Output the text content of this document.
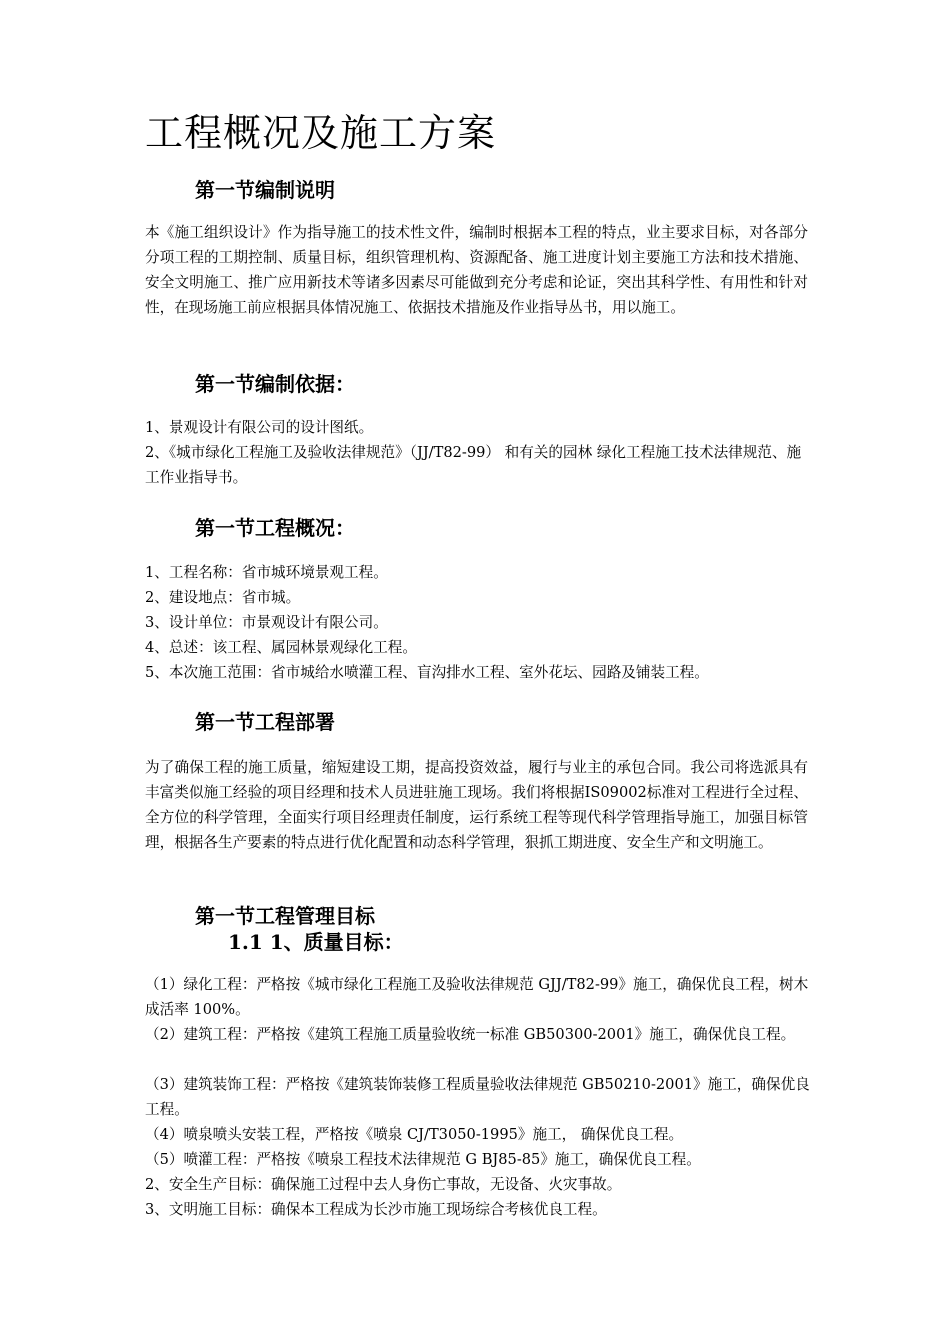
工程概况及施工方案
第一节编制说明

本《施工组织设计》作为指导施工的技术性文件，编制时根据本工程的特点，业主要求目标，对各部分分项工程的工期控制、质量目标，组织管理机构、资源配备、施工进度计划主要施工方法和技术措施、安全文明施工、推广应用新技术等诸多因素尽可能做到充分考虑和论证，突出其科学性、有用性和针对性，在现场施工前应根据具体情况施工、依据技术措施及作业指导丛书，用以施工。

第一节编制依据：

1、景观设计有限公司的设计图纸。

2、《城市绿化工程施工及验收法律规范》（JJ/T82-99） 和有关的园林 绿化工程施工技术法律规范、施工作业指导书。

第一节工程概况：

1、工程名称：省市城环境景观工程。

2、建设地点：省市城。

3、设计单位：市景观设计有限公司。

4、总述：该工程、属园林景观绿化工程。

5、本次施工范围：省市城给水喷灌工程、盲沟排水工程、室外花坛、园路及铺装工程。

第一节工程部署

为了确保工程的施工质量，缩短建设工期，提高投资效益，履行与业主的承包合同。我公司将选派具有丰富类似施工经验的项目经理和技术人员进驻施工现场。我们将根据IS09002标准对工程进行全过程、全方位的科学管理，全面实行项目经理责任制度，运行系统工程等现代科学管理指导施工，加强目标管理，根据各生产要素的特点进行优化配置和动态科学管理，狠抓工期进度、安全生产和文明施工。

第一节工程管理目标
1.1 1、质量目标：

（1）绿化工程：严格按《城市绿化工程施工及验收法律规范 GJJ/T82-99》施工，确保优良工程，树木成活率 100%。

（2）建筑工程：严格按《建筑工程施工质量验收统一标准 GB50300-2001》施工，确保优良工程。

（3）建筑装饰工程：严格按《建筑装饰装修工程质量验收法律规范 GB50210-2001》施工，确保优良工程。

（4）喷泉喷头安装工程，严格按《喷泉 CJ/T3050-1995》施工， 确保优良工程。

（5）喷灌工程：严格按《喷泉工程技术法律规范 G BJ85-85》施工，确保优良工程。

2、安全生产目标：确保施工过程中去人身伤亡事故，无设备、火灾事故。

3、文明施工目标：确保本工程成为长沙市施工现场综合考核优良工程。
